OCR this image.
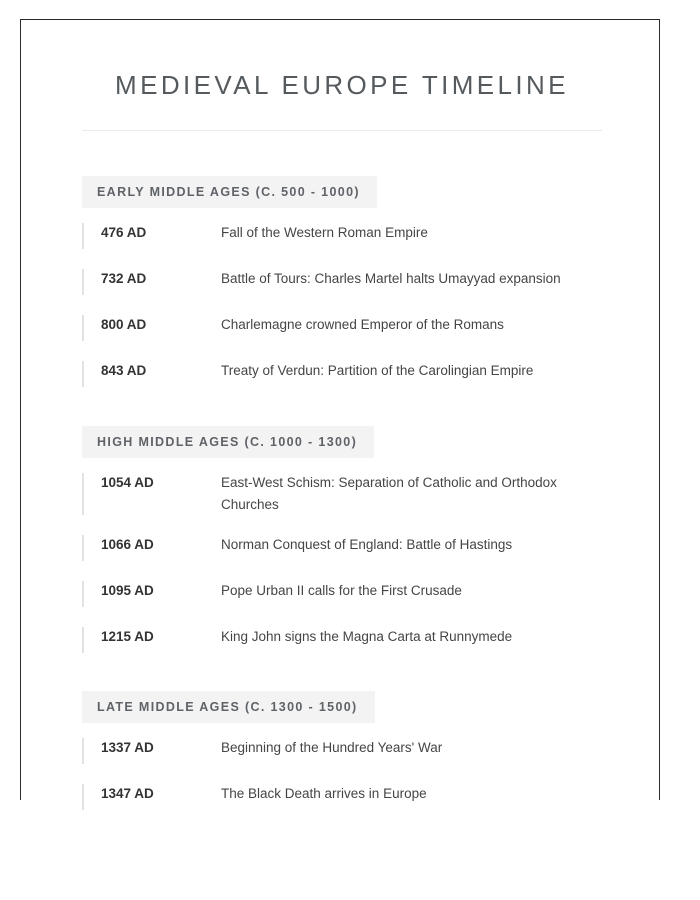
MEDIEVAL EUROPE TIMELINE
EARLY MIDDLE AGES (C. 500 - 1000)
476 AD	Fall of the Western Roman Empire
732 AD	Battle of Tours: Charles Martel halts Umayyad expansion
800 AD	Charlemagne crowned Emperor of the Romans
843 AD	Treaty of Verdun: Partition of the Carolingian Empire
HIGH MIDDLE AGES (C. 1000 - 1300)
1054 AD	East-West Schism: Separation of Catholic and Orthodox Churches
1066 AD	Norman Conquest of England: Battle of Hastings
1095 AD	Pope Urban II calls for the First Crusade
1215 AD	King John signs the Magna Carta at Runnymede
LATE MIDDLE AGES (C. 1300 - 1500)
1337 AD	Beginning of the Hundred Years' War
1347 AD	The Black Death arrives in Europe
